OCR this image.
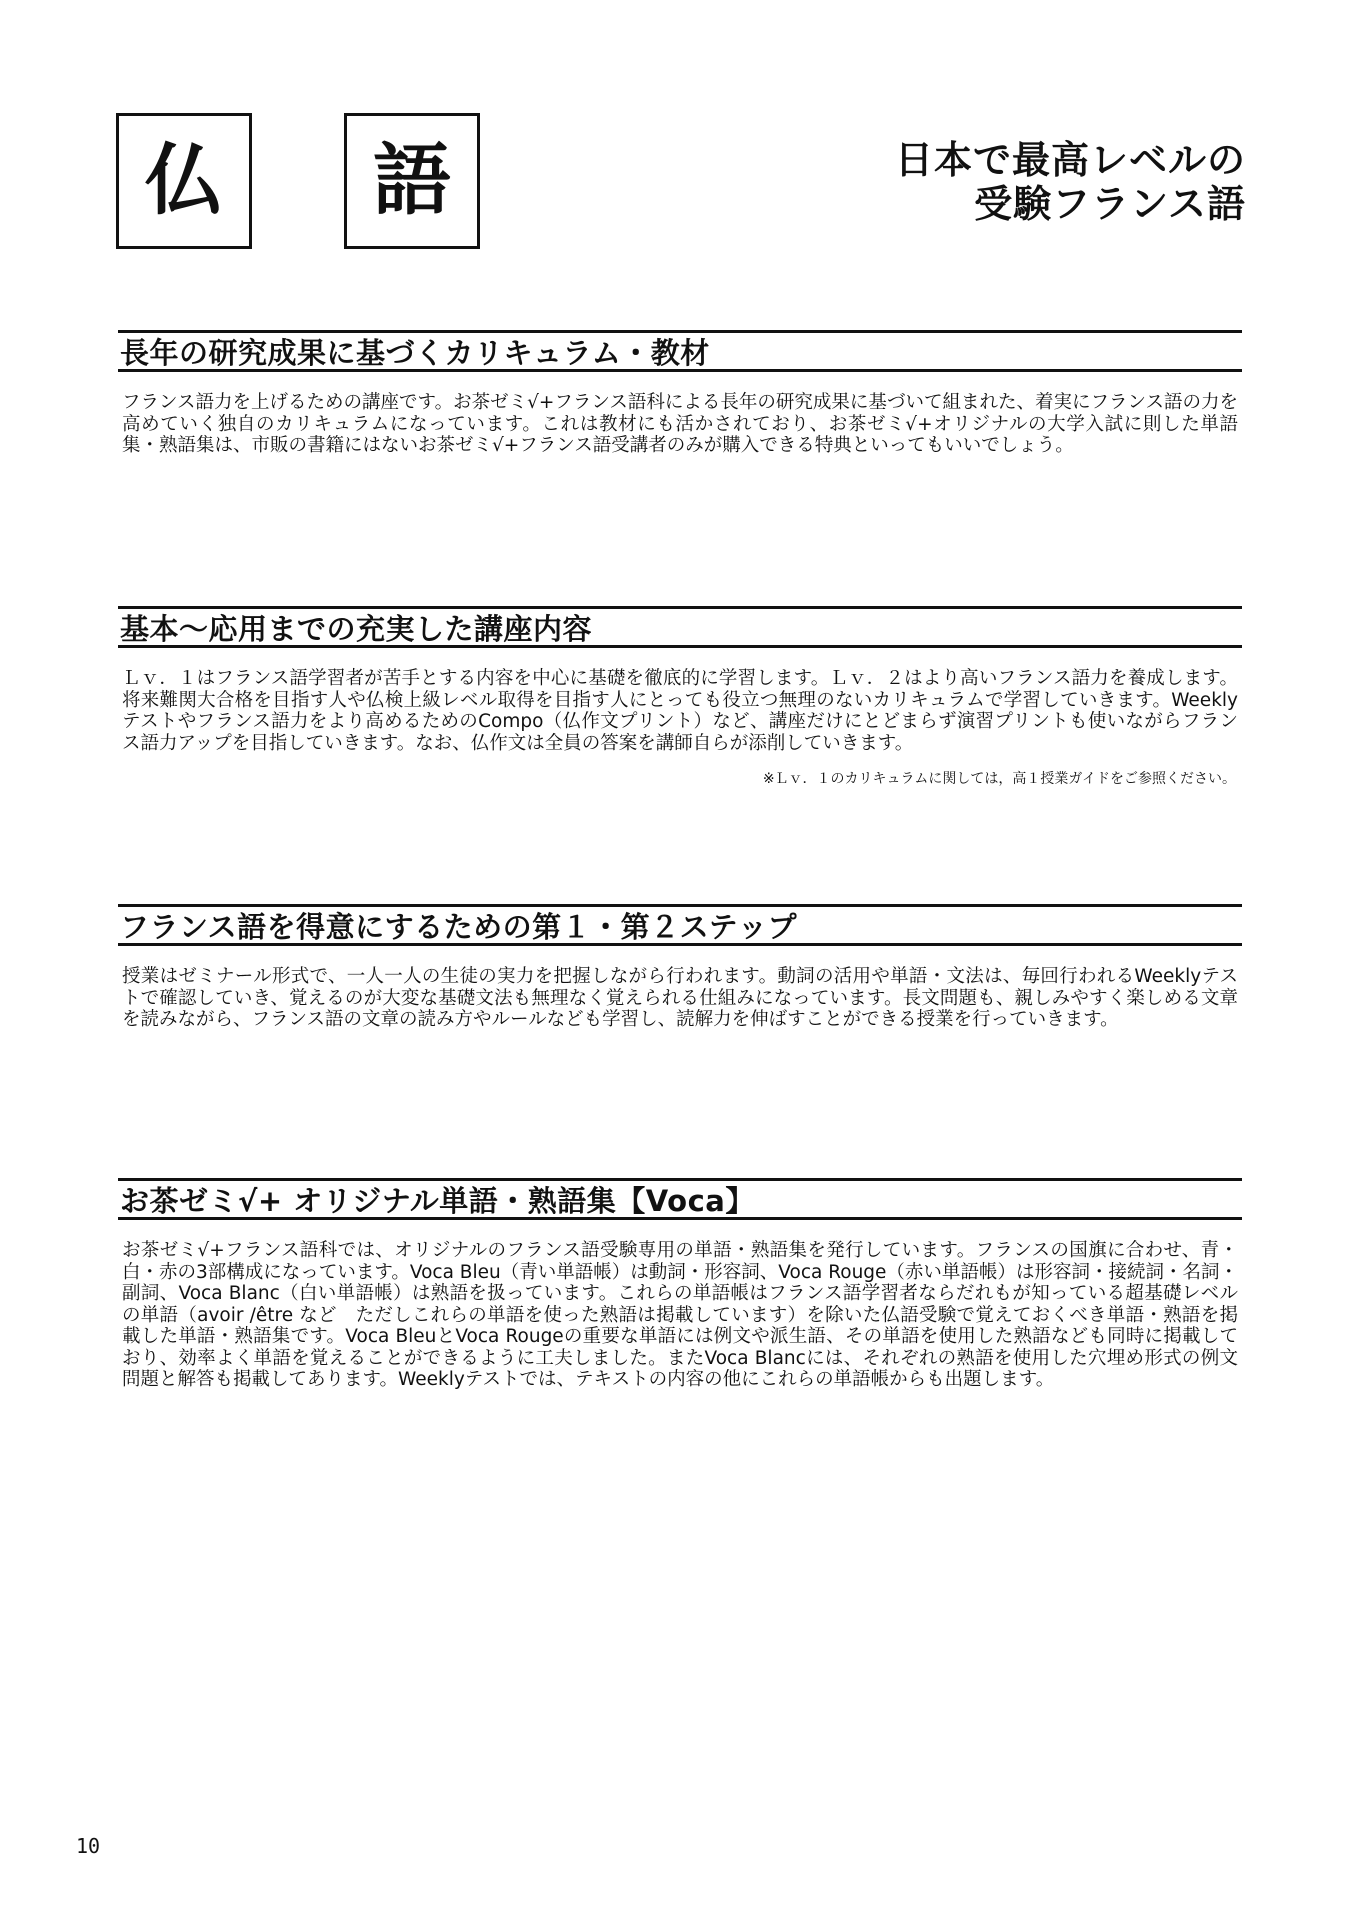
仏 語	日本で最高レベルの
受験フランス語
長年の研究成果に基づくカリキュラム・教材
フランス語力を上げるための講座です。お茶ゼミ√+フランス語科による長年の研究成果に基づいて組まれた、着実にフランス語の力を高めていく独自のカリキュラムになっています。これは教材にも活かされており、お茶ゼミ√+オリジナルの大学入試に則した単語集・熟語集は、市販の書籍にはないお茶ゼミ√+フランス語受講者のみが購入できる特典といってもいいでしょう。
基本〜応用までの充実した講座内容
Ｌｖ．１はフランス語学習者が苦手とする内容を中心に基礎を徹底的に学習します。Ｌｖ．２はより高いフランス語力を養成します。将来難関大合格を目指す人や仏検上級レベル取得を目指す人にとっても役立つ無理のないカリキュラムで学習していきます。Weeklyテストやフランス語力をより高めるためのCompo（仏作文プリント）など、講座だけにとどまらず演習プリントも使いながらフランス語力アップを目指していきます。なお、仏作文は全員の答案を講師自らが添削していきます。
※Ｌｖ．１のカリキュラムに関しては，高１授業ガイドをご参照ください。
フランス語を得意にするための第１・第２ステップ
授業はゼミナール形式で、一人一人の生徒の実力を把握しながら行われます。動詞の活用や単語・文法は、毎回行われるWeeklyテストで確認していき、覚えるのが大変な基礎文法も無理なく覚えられる仕組みになっています。長文問題も、親しみやすく楽しめる文章を読みながら、フランス語の文章の読み方やルールなども学習し、読解力を伸ばすことができる授業を行っていきます。
お茶ゼミ√+ オリジナル単語・熟語集【Voca】
お茶ゼミ√+フランス語科では、オリジナルのフランス語受験専用の単語・熟語集を発行しています。フランスの国旗に合わせ、青・白・赤の3部構成になっています。Voca Bleu（青い単語帳）は動詞・形容詞、Voca Rouge（赤い単語帳）は形容詞・接続詞・名詞・副詞、Voca Blanc（白い単語帳）は熟語を扱っています。これらの単語帳はフランス語学習者ならだれもが知っている超基礎レベルの単語（avoir /être など　ただしこれらの単語を使った熟語は掲載しています）を除いた仏語受験で覚えておくべき単語・熟語を掲載した単語・熟語集です。Voca BleuとVoca Rougeの重要な単語には例文や派生語、その単語を使用した熟語なども同時に掲載しており、効率よく単語を覚えることができるように工夫しました。またVoca Blancには、それぞれの熟語を使用した穴埋め形式の例文問題と解答も掲載してあります。Weeklyテストでは、テキストの内容の他にこれらの単語帳からも出題します。
10
